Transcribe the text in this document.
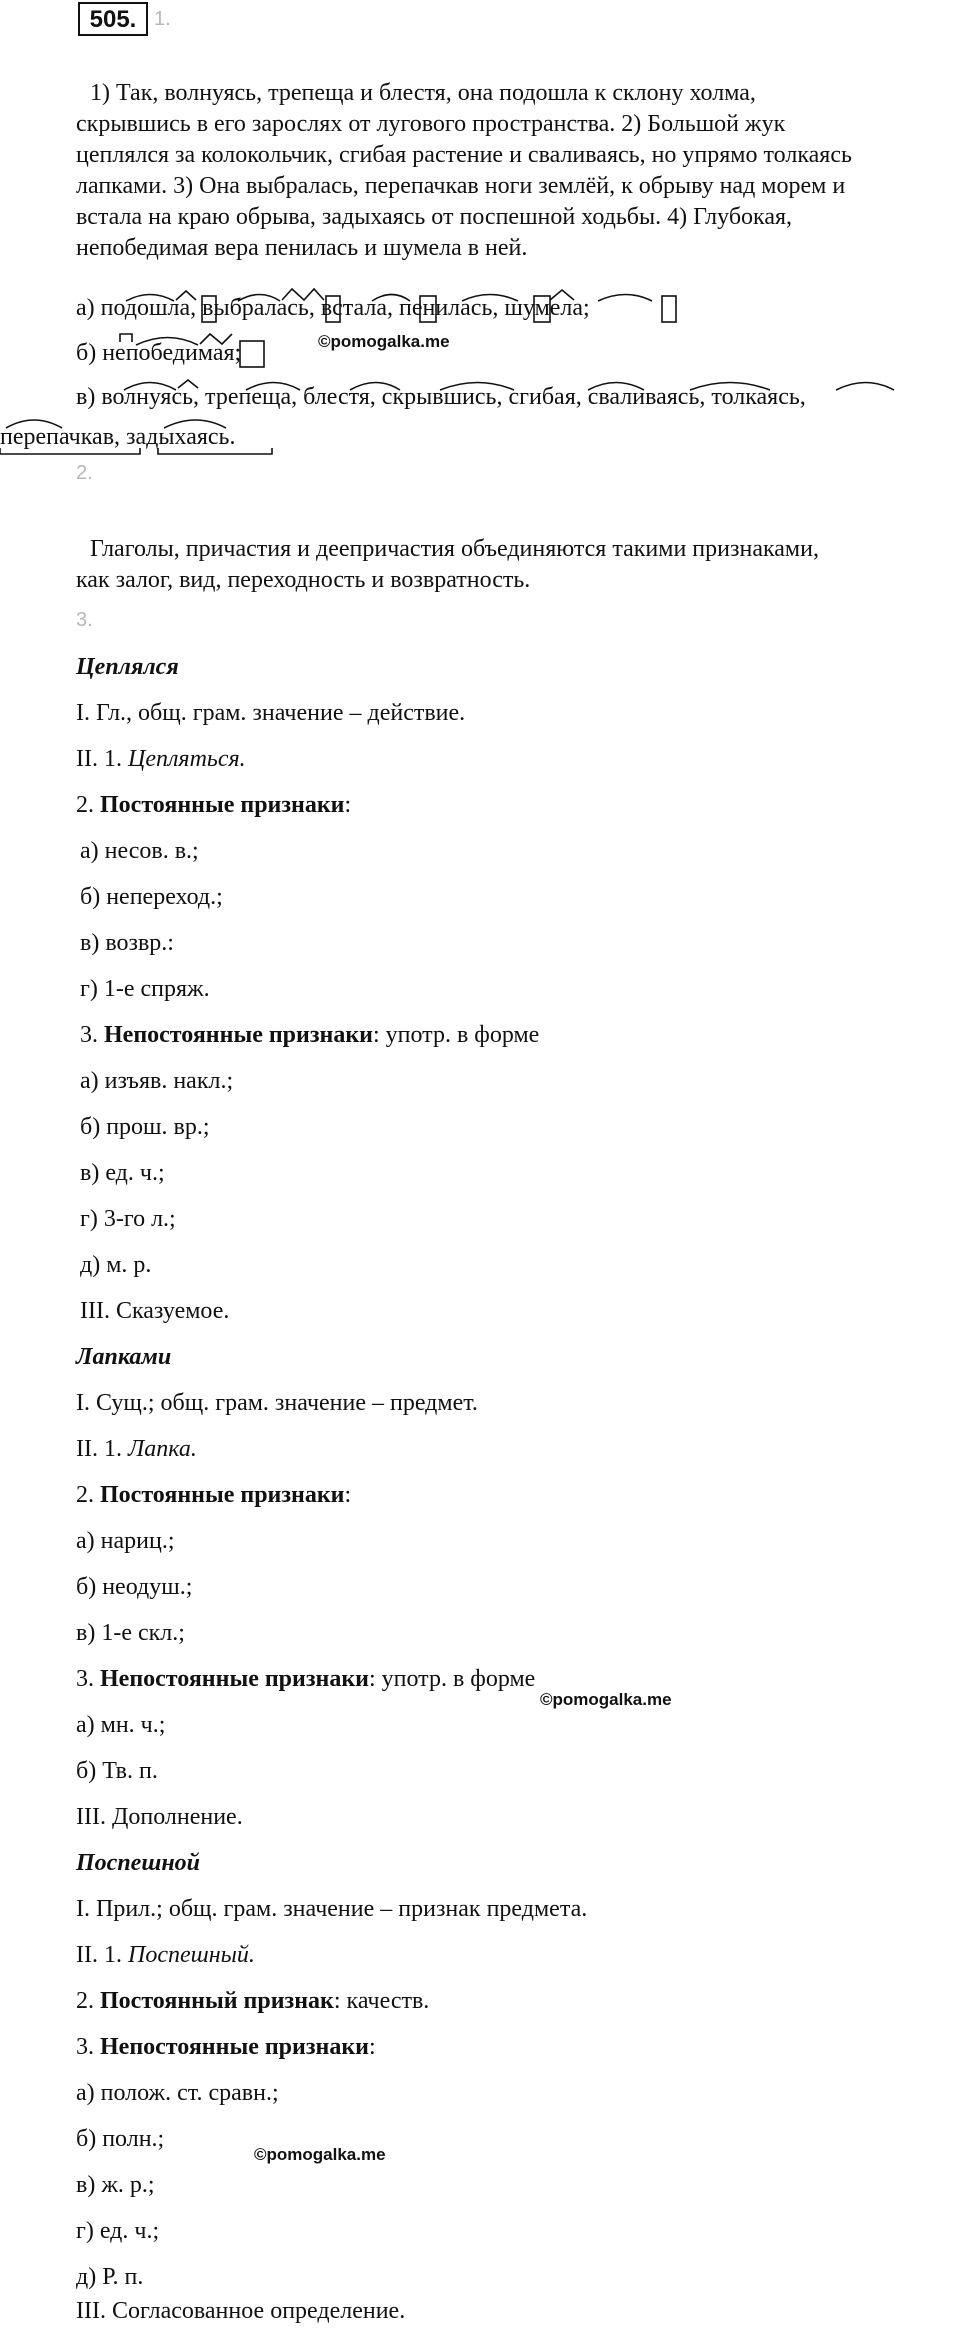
505. 1.
1) Так, волнуясь, трепеща и блестя, она подошла к склону холма,
скрывшись в его зарослях от лугового пространства. 2) Большой жук
цеплялся за колокольчик, сгибая растение и сваливаясь, но упрямо толкаясь
лапками. 3) Она выбралась, перепачкав ноги землёй, к обрыву над морем и
встала на краю обрыва, задыхаясь от поспешной ходьбы. 4) Глубокая,
непобедимая вера пенилась и шумела в ней.
а) подошла, выбралась, встала, пенилась, шумела;
б) непобедимая;	©pomogalka.me
в) волнуясь, трепеща, блестя, скрывшись, сгибая, сваливаясь, толкаясь,
перепачкав, задыхаясь.
2.
Глаголы, причастия и деепричастия объединяются такими признаками,
как залог, вид, переходность и возвратность.
3.
Цеплялся
I. Гл., общ. грам. значение – действие.
II. 1. Цепляться.
2. Постоянные признаки:
а) несов. в.;
б) непереход.;
в) возвр.:
г) 1-е спряж.
3. Непостоянные признаки: употр. в форме
а) изъяв. накл.;
б) прош. вр.;
в) ед. ч.;
г) 3-го л.;
д) м. р.
III. Сказуемое.
Лапками
I. Сущ.; общ. грам. значение – предмет.
II. 1. Лапка.
2. Постоянные признаки:
а) нариц.;
б) неодуш.;
в) 1-е скл.;
3. Непостоянные признаки: употр. в форме
©pomogalka.me
а) мн. ч.;
б) Тв. п.
III. Дополнение.
Поспешной
I. Прил.; общ. грам. значение – признак предмета.
II. 1. Поспешный.
2. Постоянный признак: качеств.
3. Непостоянные признаки:
а) полож. ст. сравн.;
б) полн.;
©pomogalka.me
в) ж. р.;
г) ед. ч.;
д) Р. п.
III. Согласованное определение.
